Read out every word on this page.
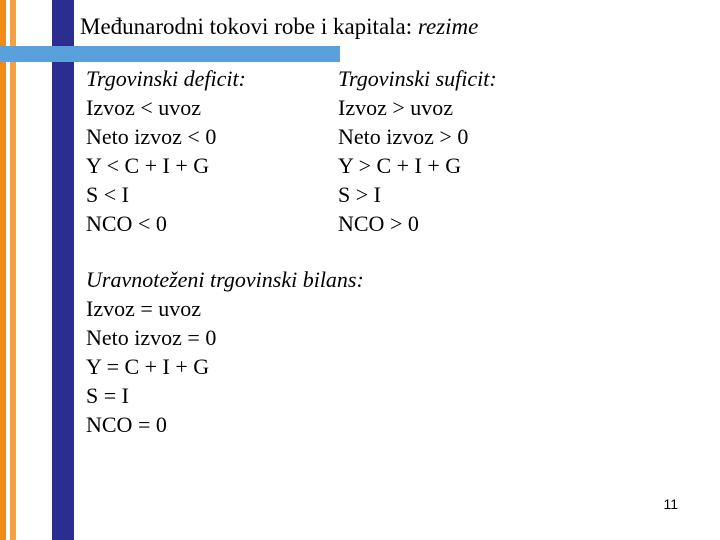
Međunarodni tokovi robe i kapitala: rezime
Trgovinski deficit:
Izvoz < uvoz
Neto izvoz < 0
Y < C + I + G
S < I
NCO < 0
Trgovinski suficit:
Izvoz > uvoz
Neto izvoz > 0
Y > C + I + G
S > I
NCO > 0
Uravnoteženi trgovinski bilans:
Izvoz = uvoz
Neto izvoz = 0
Y = C + I + G
S = I
NCO = 0
11
